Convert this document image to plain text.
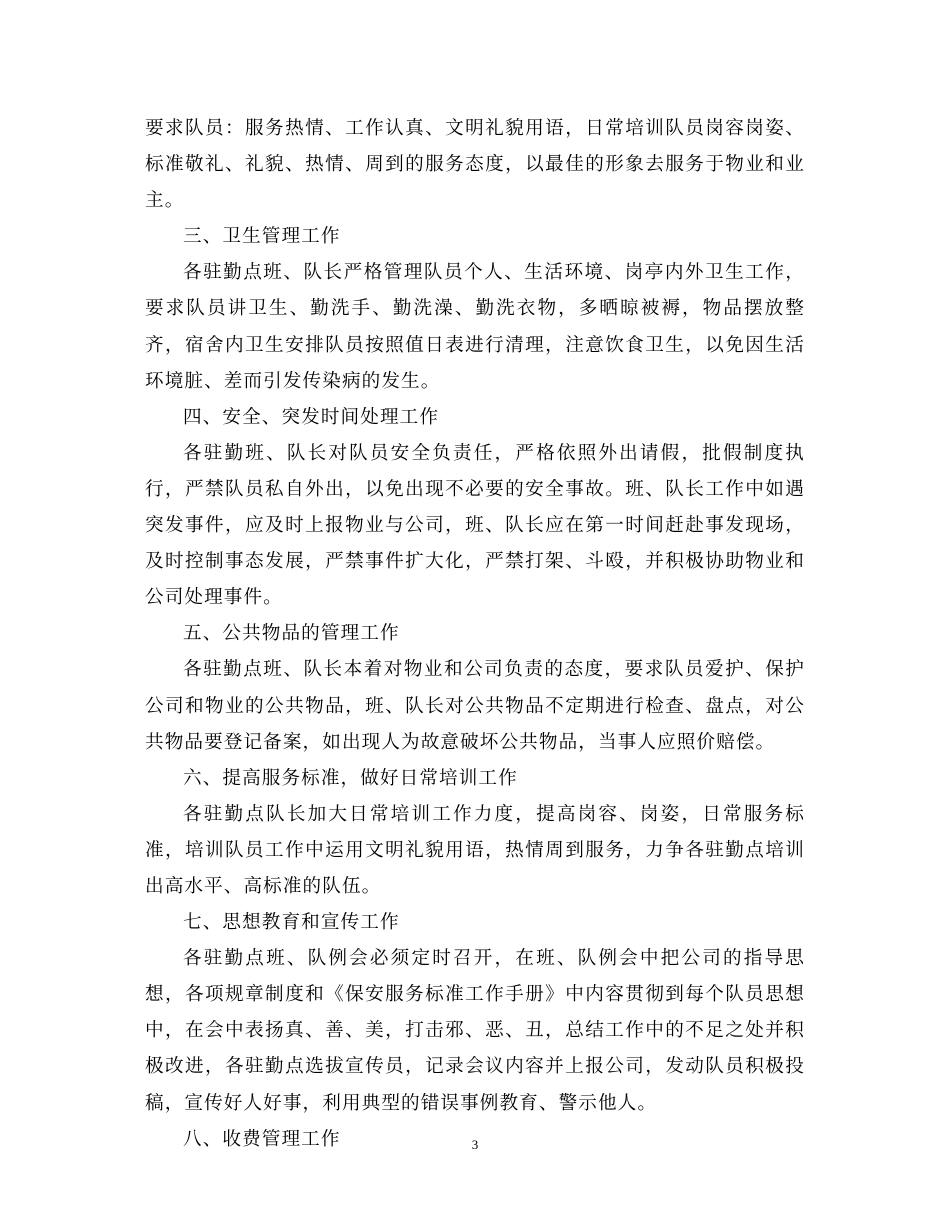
要求队员：服务热情、工作认真、文明礼貌用语，日常培训队员岗容岗姿、标准敬礼、礼貌、热情、周到的服务态度，以最佳的形象去服务于物业和业主。

三、卫生管理工作

各驻勤点班、队长严格管理队员个人、生活环境、岗亭内外卫生工作，要求队员讲卫生、勤洗手、勤洗澡、勤洗衣物，多晒晾被褥，物品摆放整齐，宿舍内卫生安排队员按照值日表进行清理，注意饮食卫生，以免因生活环境脏、差而引发传染病的发生。

四、安全、突发时间处理工作

各驻勤班、队长对队员安全负责任，严格依照外出请假，批假制度执行，严禁队员私自外出，以免出现不必要的安全事故。班、队长工作中如遇突发事件，应及时上报物业与公司，班、队长应在第一时间赶赴事发现场，及时控制事态发展，严禁事件扩大化，严禁打架、斗殴，并积极协助物业和公司处理事件。

五、公共物品的管理工作

各驻勤点班、队长本着对物业和公司负责的态度，要求队员爱护、保护公司和物业的公共物品，班、队长对公共物品不定期进行检查、盘点，对公共物品要登记备案，如出现人为故意破坏公共物品，当事人应照价赔偿。

六、提高服务标准，做好日常培训工作

各驻勤点队长加大日常培训工作力度，提高岗容、岗姿，日常服务标准，培训队员工作中运用文明礼貌用语，热情周到服务，力争各驻勤点培训出高水平、高标准的队伍。

七、思想教育和宣传工作

各驻勤点班、队例会必须定时召开，在班、队例会中把公司的指导思想，各项规章制度和《保安服务标准工作手册》中内容贯彻到每个队员思想中，在会中表扬真、善、美，打击邪、恶、丑，总结工作中的不足之处并积极改进，各驻勤点选拔宣传员，记录会议内容并上报公司，发动队员积极投稿，宣传好人好事，利用典型的错误事例教育、警示他人。

八、收费管理工作	3
